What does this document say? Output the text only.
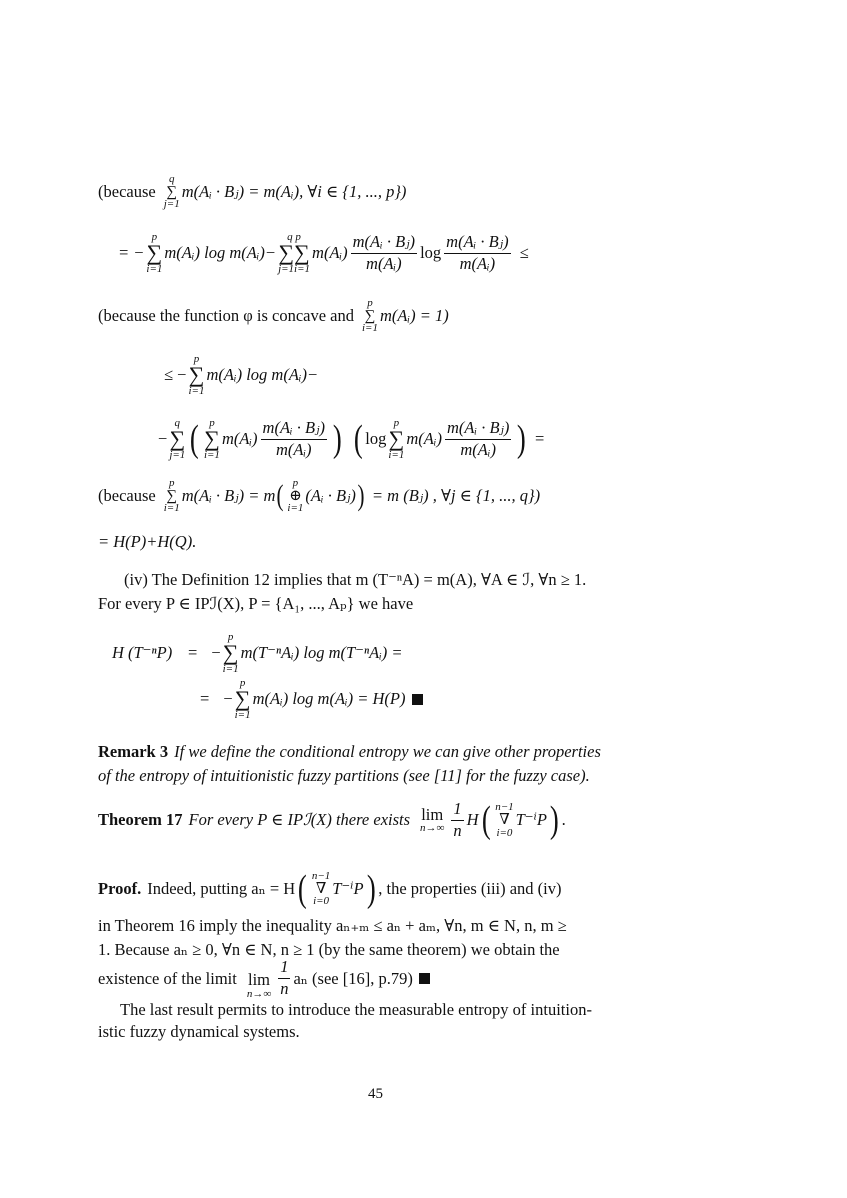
(because
q
∑
j=1
m(Aᵢ · Bⱼ) = m(Aᵢ), ∀i ∈ {1, ..., p})
= −
p
∑
i=1
m(Aᵢ) log m(Aᵢ)−
q p
∑∑
j=1i=1
m(Aᵢ) $\frac{\text{m(Aᵢ · Bⱼ)}}{\text{m(Aᵢ)}}$ $\log \frac{\text{m(Aᵢ · Bⱼ)}}{\text{m(Aᵢ)}}$ ≤
(because the function φ is concave and
p
∑
i=1
m(Aᵢ) = 1)
≤ −
p
∑
i=1
m(Aᵢ) log m(Aᵢ)−
−
q
∑
j=1 ( p
∑
i=1
m(Aᵢ) $\frac{\text{m(Aᵢ · Bⱼ)}}{\text{m(Aᵢ)}}$ ) ( log
p
∑
i=1
m(Aᵢ) $\frac{\text{m(Aᵢ · Bⱼ)}}{\text{m(Aᵢ)}}$ ) =
(because
p
∑
i=1
m(Aᵢ · Bⱼ) = m ( p
⊕
i=1
(Aᵢ · Bⱼ) ) = m (Bⱼ) , ∀j ∈ {1, ..., q})
= H(P)+H(Q).
(iv) The Definition 12 implies that m (T⁻ⁿA) = m(A), ∀A ∈ ℐ, ∀n ≥ 1.
For every P ∈ IPℐ(X), P = {A₁, ..., Aₚ} we have
H (T⁻ⁿP) = −
p
∑
i=1
m(T⁻ⁿAᵢ) log m(T⁻ⁿAᵢ) =
= −
p
∑
i=1
m(Aᵢ) log m(Aᵢ) = H(P)
Remark 3 If we define the conditional entropy we can give other properties
of the entropy of intuitionistic fuzzy partitions (see [11] for the fuzzy case).
Theorem 17 For every P ∈ IPℐ(X) there exists lim
$n\to\infty \frac{1}{n}$ H ( n−1
∇
i=0
T⁻ⁱP ) .
Proof. Indeed, putting aₙ = H ( n−1
∇
i=0
T⁻ⁱP ) , the properties (iii) and (iv)
in Theorem 16 imply the inequality aₙ₊ₘ ≤ aₙ + aₘ, ∀n, m ∈ N, n, m ≥
1. Because aₙ ≥ 0, ∀n ∈ N, n ≥ 1 (by the same theorem) we obtain the
existence of the limit lim
$n\to\infty \frac{1}{n}$ aₙ (see [16], p.79)
The last result permits to introduce the measurable entropy of intuition-
istic fuzzy dynamical systems.
45
